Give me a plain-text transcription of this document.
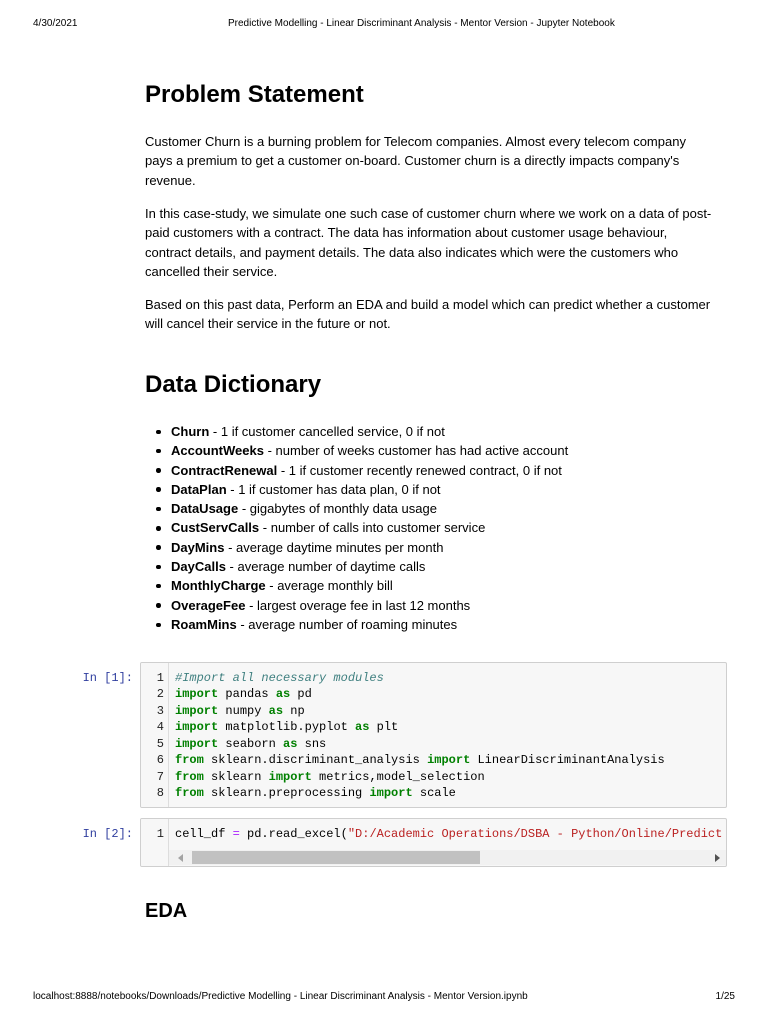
4/30/2021	Predictive Modelling - Linear Discriminant Analysis - Mentor Version - Jupyter Notebook
Problem Statement
Customer Churn is a burning problem for Telecom companies. Almost every telecom company
pays a premium to get a customer on-board. Customer churn is a directly impacts company's
revenue.
In this case-study, we simulate one such case of customer churn where we work on a data of post-
paid customers with a contract. The data has information about customer usage behaviour,
contract details, and payment details. The data also indicates which were the customers who
cancelled their service.
Based on this past data, Perform an EDA and build a model which can predict whether a customer
will cancel their service in the future or not.
Data Dictionary
Churn - 1 if customer cancelled service, 0 if not
AccountWeeks - number of weeks customer has had active account
ContractRenewal - 1 if customer recently renewed contract, 0 if not
DataPlan - 1 if customer has data plan, 0 if not
DataUsage - gigabytes of monthly data usage
CustServCalls - number of calls into customer service
DayMins - average daytime minutes per month
DayCalls - average number of daytime calls
MonthlyCharge - average monthly bill
OverageFee - largest overage fee in last 12 months
RoamMins - average number of roaming minutes
In [1]:	1 #Import all necessary modules
2 import pandas as pd
3 import numpy as np
4 import matplotlib.pyplot as plt
5 import seaborn as sns
6 from sklearn.discriminant_analysis import LinearDiscriminantAnalysis
7 from sklearn import metrics,model_selection
8 from sklearn.preprocessing import scale
In [2]:	1 cell_df = pd.read_excel("D:/Academic Operations/DSBA - Python/Online/Predict
EDA
localhost:8888/notebooks/Downloads/Predictive Modelling - Linear Discriminant Analysis - Mentor Version.ipynb	1/25
